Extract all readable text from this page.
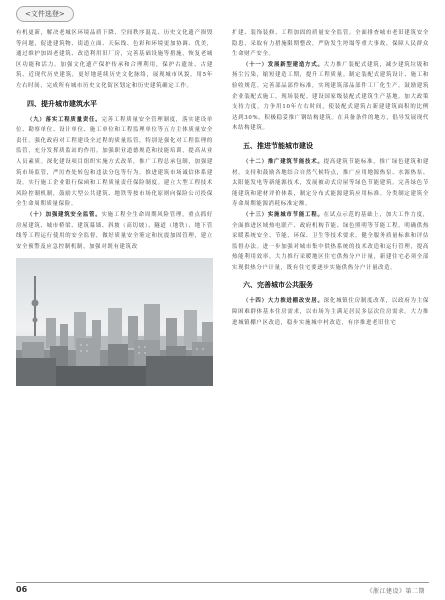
<文件选登>

有机更新，解决老城区环境品质下降、空间秩序混乱、历史文化遗产损毁等问题，促进建筑物、街道立面、天际线、色彩和环境更加协调、优美，通过维护加固老建筑、改造利用旧厂房，完善基础设施等措施，恢复老城区功能和活力。加强文化遗产保护传承和合理利用，保护古遗址、古建筑、近现代历史建筑，更好地延续历史文化脉络，展现城市风貌。用5年左右时间，完成所有城市历史文化街区划定和历史建筑确定工作。

四、提升城市建筑水平

（九）落实工程质量责任。完善工程质量安全管理制度，落实建设单位、勘察单位、设计单位、施工单位和工程监理单位等五方主体质量安全责任。强化政府对工程建设全过程的质量监管，特别是强化对工程监理的监管，充分发挥质监站的作用。加强职业道德规范和技能培训，提高从业人员素质。深化建设项目组织实施方式改革，推广工程总承包制，加强建筑市场监管，严厉查处转包和违法分包等行为，推进建筑市场诚信体系建设。实行施工企业银行保函和工程质量责任保险制度。建立大型工程技术风险控制机制，鼓励大型公共建筑、地铁等按市场化原则向保险公司投保全生命周期质量保险。

（十）加强建筑安全监管。实施工程全生命周期风险管理，重点抓好房屋建筑、城市桥梁、建筑幕墙、斜坡（高切坡）、隧道（地铁）、地下管线等工程运行使用的安全监督，做好质量安全鉴定和抗震加固管理，建立安全预警及应急控制机制。加强对既有建筑改

扩建、装饰装修、工程加固的质量安全监管。全面排查城市老旧建筑安全隐患，采取有力措施限期整改，严防发生垮塌等重大事故，保障人民群众生命财产安全。

（十一）发展新型建造方式。大力推广装配式建筑，减少建筑垃圾和扬尘污染，缩短建造工期，提升工程质量。制定装配式建筑设计、施工和验收规范。完善部品部件标准，实现建筑部品部件工厂化生产。鼓励建筑企业装配式施工，现场装配。建设国家级装配式建筑生产基地。加大政策支持力度，力争用10年左右时间，使装配式建筑占新建建筑面积的比例达到30%。积极稳妥推广钢结构建筑。在具备条件的地方，倡导发展现代木结构建筑。

五、推进节能城市建设

（十二）推广建筑节能技术。提高建筑节能标准，推广绿色建筑和建材。支持和鼓励各地结合自然气候特点，推广应用地源热泵、水源热泵、太阳能发电等新能源技术，发展被动式房屋等绿色节能建筑。完善绿色节能建筑和建材评价体系，制定分布式能源建筑应用标准。分类制定建筑全寿命周期能源消耗标准定额。

（十三）实施城市节能工程。在试点示范的基础上，加大工作力度，全面推进区域热电联产、政府机构节能、绿色照明等节能工程。明确供热采暖系统安全、节能、环保、卫生等技术要求，健全服务质量标准和评估监督办法。进一步加强对城市集中供热系统的技术改造和运行管理，提高热能利用效率。大力推行采暖地区住宅供热分户计量，新建住宅必须全部实现供热分户计量，既有住宅要逐步实施供热分户计量改造。

六、完善城市公共服务

（十四）大力推进棚改安居。深化城镇住房制度改革，以政府为主保障困难群体基本住房需求，以市场为主满足居民多层次住房需求。大力推进城镇棚户区改造，稳步实施城中村改造，有序推进老旧住宅

06	《浙江建设》第二期
